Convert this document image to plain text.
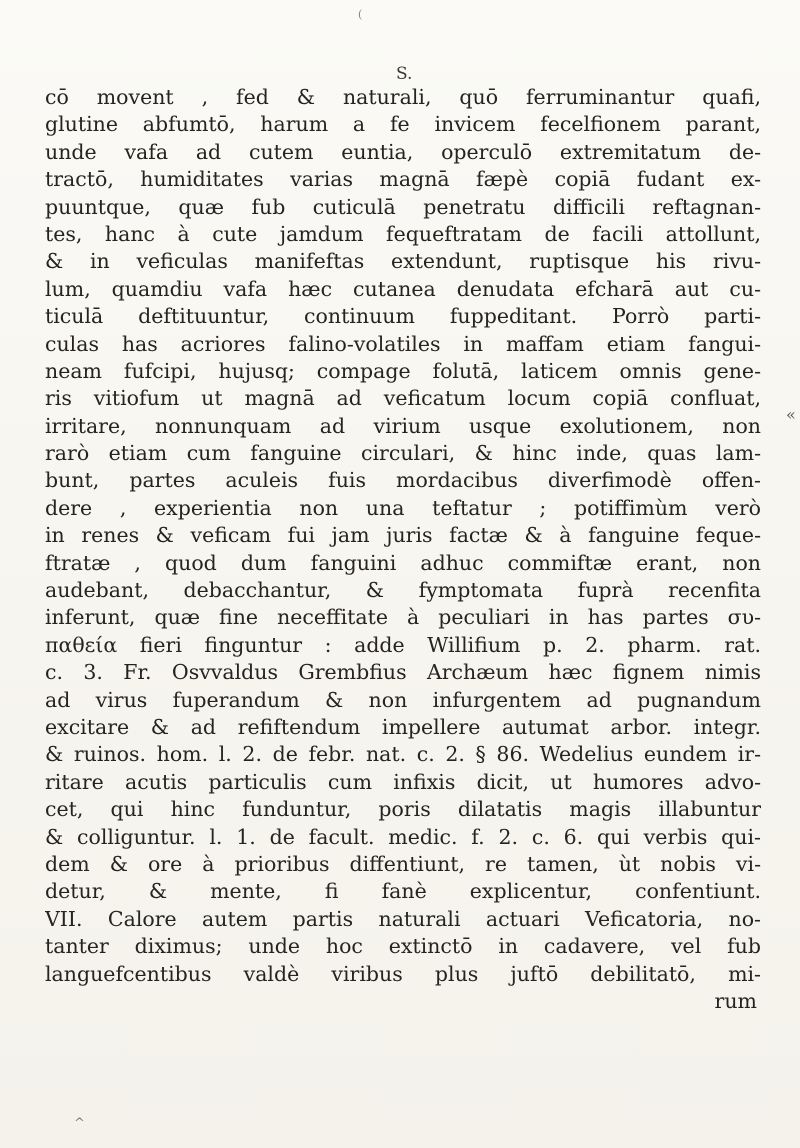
(
S.
cō movent , fed & naturali, quō ferruminantur quafi,
glutine abfumtō, harum a fe invicem fecelfionem parant,
unde vafa ad cutem euntia, operculō extremitatum de-
tractō, humiditates varias magnā fæpè copiā fudant ex-
puuntque, quæ fub cuticulā penetratu difficili reftagnan-
tes, hanc à cute jamdum fequeftratam de facili attollunt,
& in veficulas manifeftas extendunt, ruptisque his rivu-
lum, quamdiu vafa hæc cutanea denudata efcharā aut cu-
ticulā deftituuntur, continuum fuppeditant. Porrò parti-
culas has acriores falino-volatiles in maffam etiam fangui-
neam fufcipi, hujusq; compage folutā, laticem omnis gene-
ris vitiofum ut magnā ad veficatum locum copiā confluat,
irritare, nonnunquam ad virium usque exolutionem, non
rarò etiam cum fanguine circulari, & hinc inde, quas lam-
bunt, partes aculeis fuis mordacibus diverfimodè offen-
dere , experientia non una teftatur ; potiffimùm verò
in renes & veficam fui jam juris factæ & à fanguine feque-
ftratæ , quod dum fanguini adhuc commiftæ erant, non
audebant, debacchantur, & fymptomata fuprà recenfita
inferunt, quæ fine neceffitate à peculiari in has partes συ-
παθεία fieri finguntur : adde Willifium p. 2. pharm. rat.
c. 3. Fr. Osvvaldus Grembfius Archæum hæc fignem nimis
ad virus fuperandum & non infurgentem ad pugnandum
excitare & ad refiftendum impellere autumat arbor. integr.
& ruinos. hom. l. 2. de febr. nat. c. 2. § 86. Wedelius eundem ir-
ritare acutis particulis cum infixis dicit, ut humores advo-
cet, qui hinc funduntur, poris dilatatis magis illabuntur
& colliguntur. l. 1. de facult. medic. f. 2. c. 6. qui verbis qui-
dem & ore à prioribus diffentiunt, re tamen, ùt nobis vi-
detur, & mente, fi fanè explicentur, confentiunt.
VII. Calore autem partis naturali actuari Veficatoria, no-
tanter diximus; unde hoc extinctō in cadavere, vel fub
languefcentibus valdè viribus plus juftō debilitatō, mi-
rum
«
^
